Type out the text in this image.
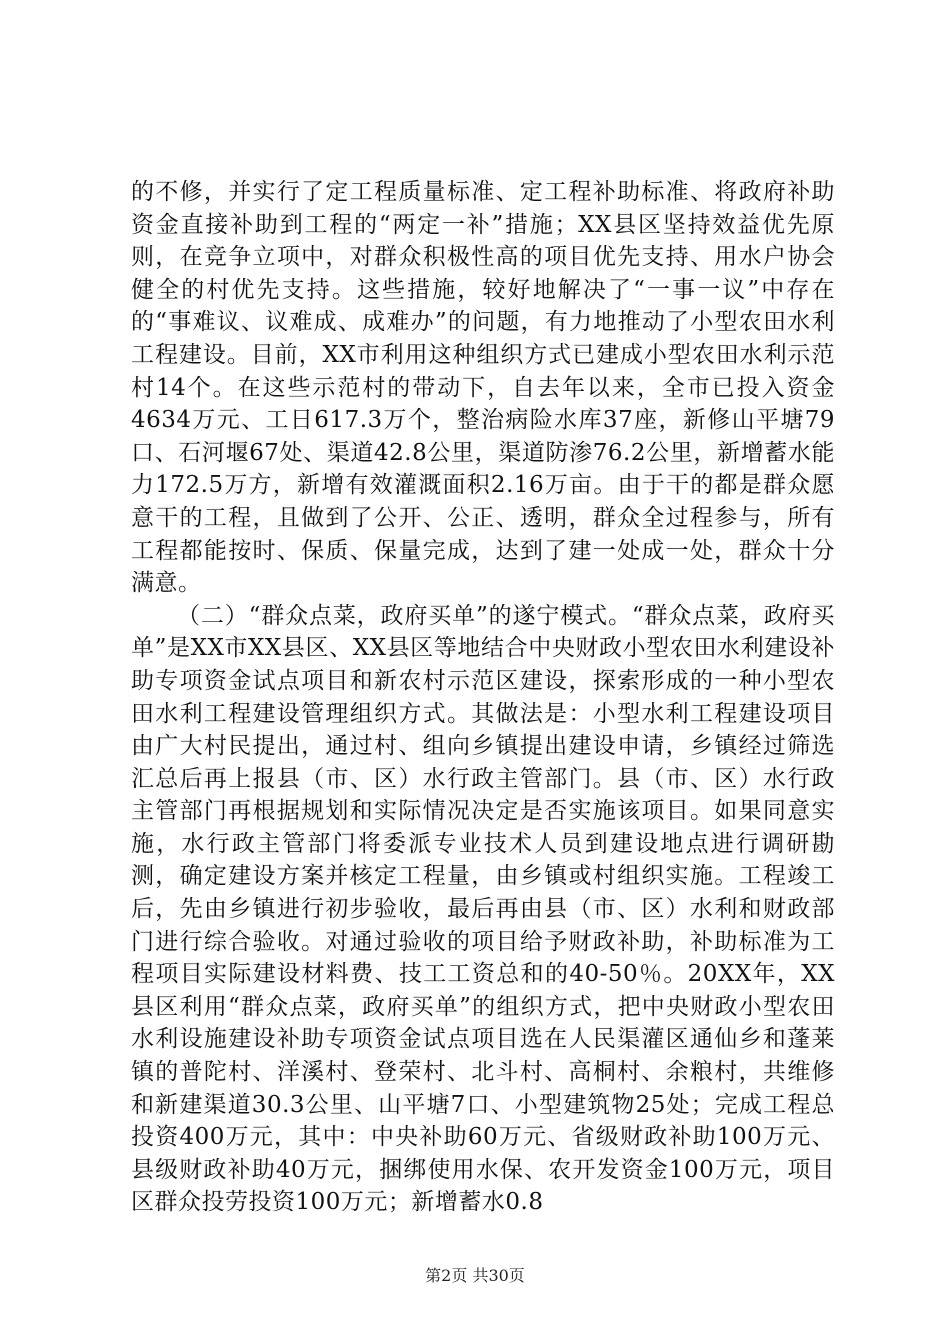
的不修，并实行了定工程质量标准、定工程补助标准、将政府补助资金直接补助到工程的“两定一补”措施；XX县区坚持效益优先原则，在竞争立项中，对群众积极性高的项目优先支持、用水户协会健全的村优先支持。这些措施，较好地解决了“一事一议”中存在的“事难议、议难成、成难办”的问题，有力地推动了小型农田水利工程建设。目前，XX市利用这种组织方式已建成小型农田水利示范村14个。在这些示范村的带动下，自去年以来，全市已投入资金4634万元、工日617.3万个，整治病险水库37座，新修山平塘79口、石河堰67处、渠道42.8公里，渠道防渗76.2公里，新增蓄水能力172.5万方，新增有效灌溉面积2.16万亩。由于干的都是群众愿意干的工程，且做到了公开、公正、透明，群众全过程参与，所有工程都能按时、保质、保量完成，达到了建一处成一处，群众十分满意。

（二）“群众点菜，政府买单”的遂宁模式。“群众点菜，政府买单”是XX市XX县区、XX县区等地结合中央财政小型农田水利建设补助专项资金试点项目和新农村示范区建设，探索形成的一种小型农田水利工程建设管理组织方式。其做法是：小型水利工程建设项目由广大村民提出，通过村、组向乡镇提出建设申请，乡镇经过筛选汇总后再上报县（市、区）水行政主管部门。县（市、区）水行政主管部门再根据规划和实际情况决定是否实施该项目。如果同意实施，水行政主管部门将委派专业技术人员到建设地点进行调研勘测，确定建设方案并核定工程量，由乡镇或村组织实施。工程竣工后，先由乡镇进行初步验收，最后再由县（市、区）水利和财政部门进行综合验收。对通过验收的项目给予财政补助，补助标准为工程项目实际建设材料费、技工工资总和的40-50％。20XX年，XX县区利用“群众点菜，政府买单”的组织方式，把中央财政小型农田水利设施建设补助专项资金试点项目选在人民渠灌区通仙乡和蓬莱镇的普陀村、洋溪村、登荣村、北斗村、高桐村、余粮村，共维修和新建渠道30.3公里、山平塘7口、小型建筑物25处；完成工程总投资400万元，其中：中央补助60万元、省级财政补助100万元、县级财政补助40万元，捆绑使用水保、农开发资金100万元，项目区群众投劳投资100万元；新增蓄水0.8

第2页 共30页
